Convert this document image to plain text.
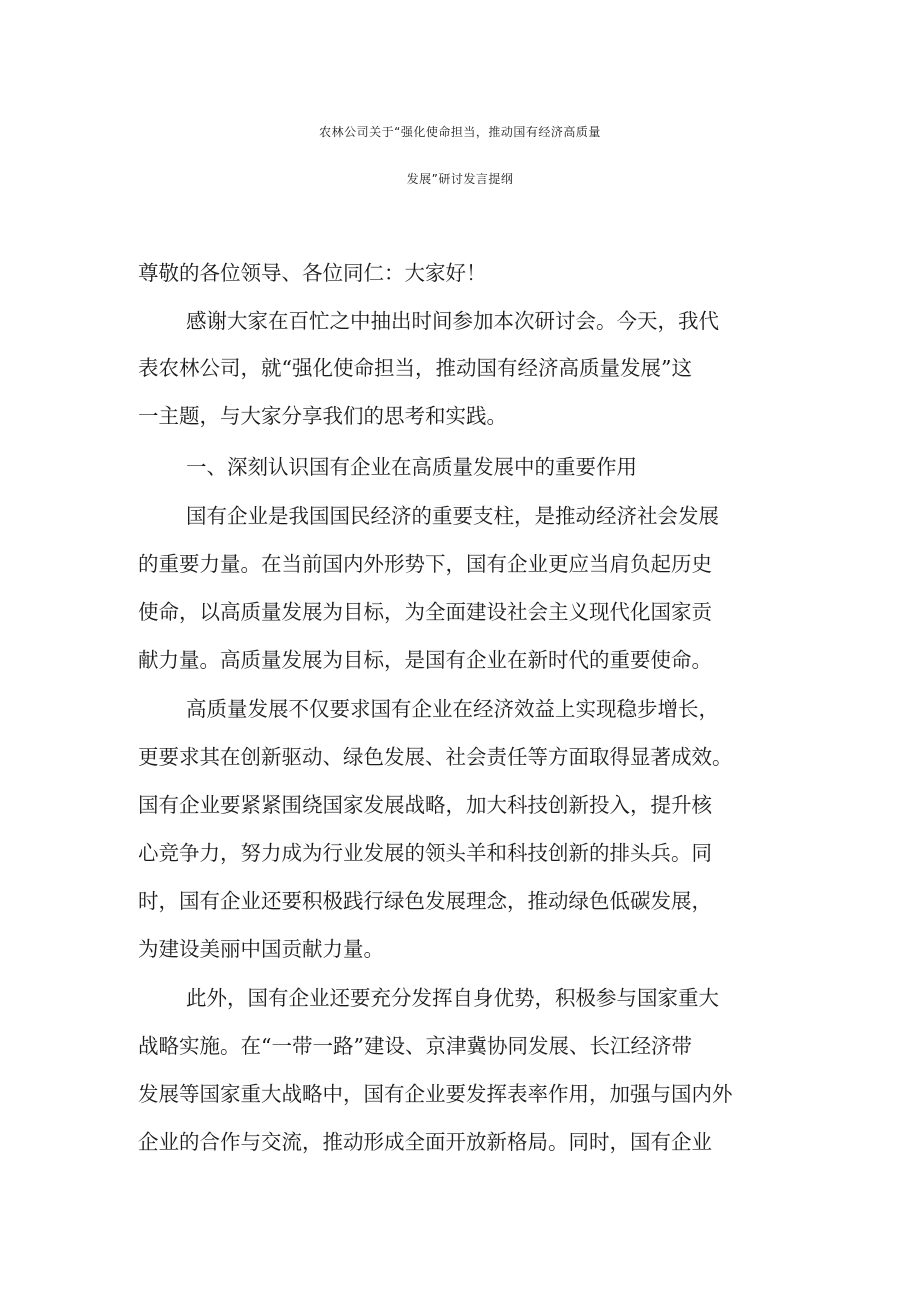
农林公司关于“强化使命担当，推动国有经济高质量
发展”研讨发言提纲
尊敬的各位领导、各位同仁：大家好！
感谢大家在百忙之中抽出时间参加本次研讨会。今天，我代
表农林公司，就“强化使命担当，推动国有经济高质量发展”这
一主题，与大家分享我们的思考和实践。
一、深刻认识国有企业在高质量发展中的重要作用
国有企业是我国国民经济的重要支柱，是推动经济社会发展
的重要力量。在当前国内外形势下，国有企业更应当肩负起历史
使命，以高质量发展为目标，为全面建设社会主义现代化国家贡
献力量。高质量发展为目标，是国有企业在新时代的重要使命。
高质量发展不仅要求国有企业在经济效益上实现稳步增长，
更要求其在创新驱动、绿色发展、社会责任等方面取得显著成效。
国有企业要紧紧围绕国家发展战略，加大科技创新投入，提升核
心竞争力，努力成为行业发展的领头羊和科技创新的排头兵。同
时，国有企业还要积极践行绿色发展理念，推动绿色低碳发展，
为建设美丽中国贡献力量。
此外，国有企业还要充分发挥自身优势，积极参与国家重大
战略实施。在“一带一路”建设、京津冀协同发展、长江经济带
发展等国家重大战略中，国有企业要发挥表率作用，加强与国内外
企业的合作与交流，推动形成全面开放新格局。同时，国有企业
